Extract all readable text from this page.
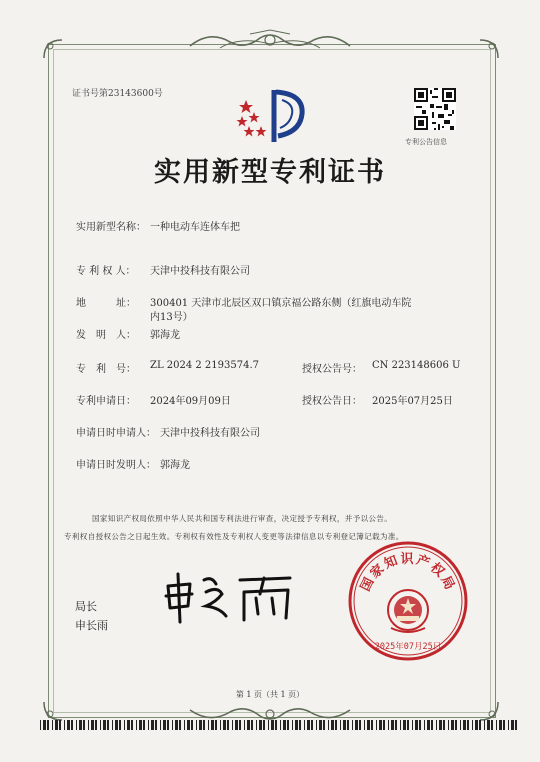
证书号第23143600号
专利公告信息
实用新型专利证书
实用新型名称： 一种电动车连体车把
专 利 权 人： 天津中投科技有限公司
地　　　址： 300401 天津市北辰区双口镇京福公路东侧（红旗电动车院
内13号）
发　明　人： 郭海龙
专　利　号： ZL 2024 2 2193574.7	授权公告号： CN 223148606 U
专利申请日： 2024年09月09日	授权公告日： 2025年07月25日
申请日时申请人： 天津中投科技有限公司
申请日时发明人： 郭海龙
国家知识产权局依照中华人民共和国专利法进行审查，决定授予专利权，并予以公告。
专利权自授权公告之日起生效。专利权有效性及专利权人变更等法律信息以专利登记簿记载为准。
局长
申长雨
国家知识产权局
2025年07月25日
第 1 页（共 1 页）
